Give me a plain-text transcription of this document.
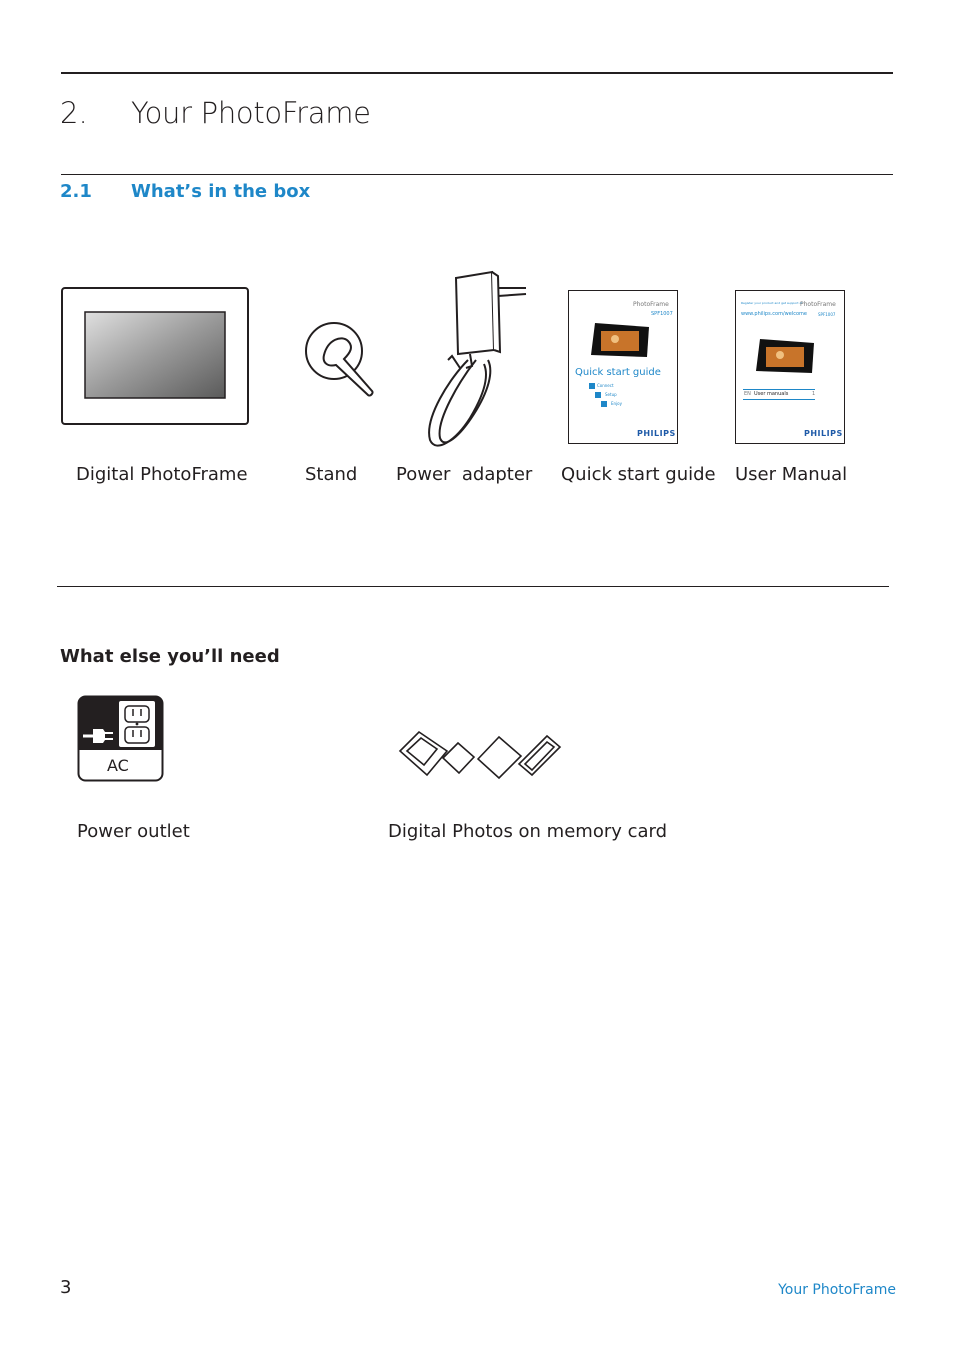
2. Your PhotoFrame
2.1 What’s in the box
PhotoFrame
SPF1007
Quick start guide
Connect
Setup
Enjoy
PHILIPS
Register your product and get support at
PhotoFrame
www.philips.com/welcome	SPF1007
EN User manuals	1
PHILIPS
Digital PhotoFrame	Stand Power  adapter Quick start guide User Manual
What else you’ll need
AC
Power outlet	Digital Photos on memory card
3	Your PhotoFrame
